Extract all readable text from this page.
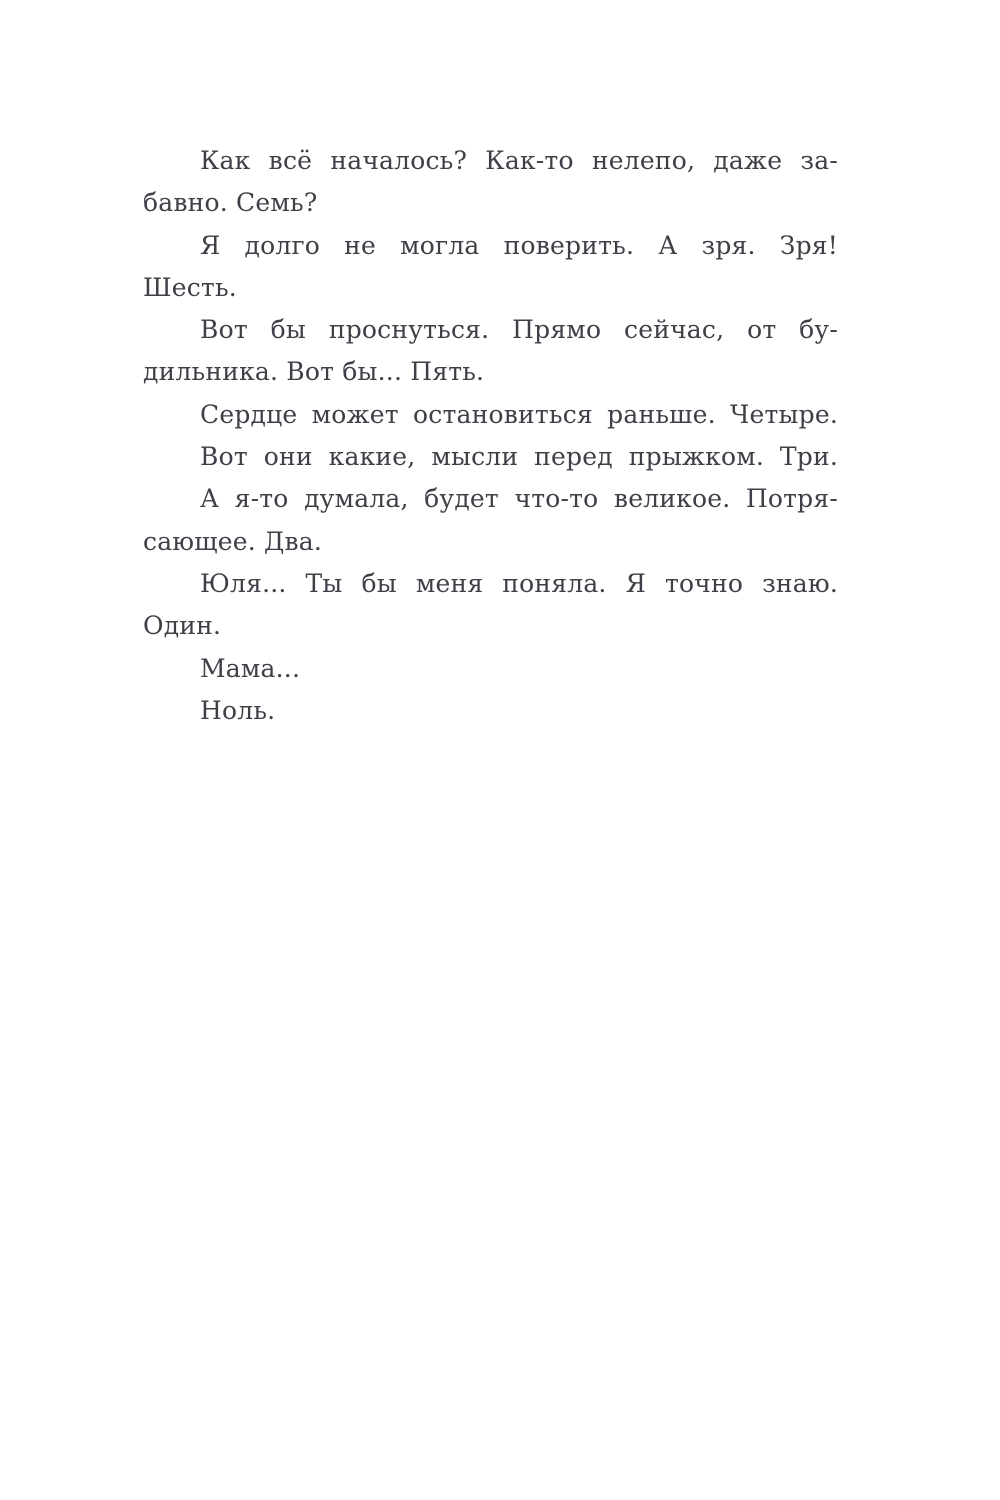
Как всё началось? Как-то нелепо, даже за-
бавно. Семь?
Я долго не могла поверить. А зря. Зря!
Шесть.
Вот бы проснуться. Прямо сейчас, от бу-
дильника. Вот бы... Пять.
Сердце может остановиться раньше. Четыре.
Вот они какие, мысли перед прыжком. Три.
А я-то думала, будет что-то великое. Потря-
сающее. Два.
Юля... Ты бы меня поняла. Я точно знаю.
Один.
Мама...
Ноль.
